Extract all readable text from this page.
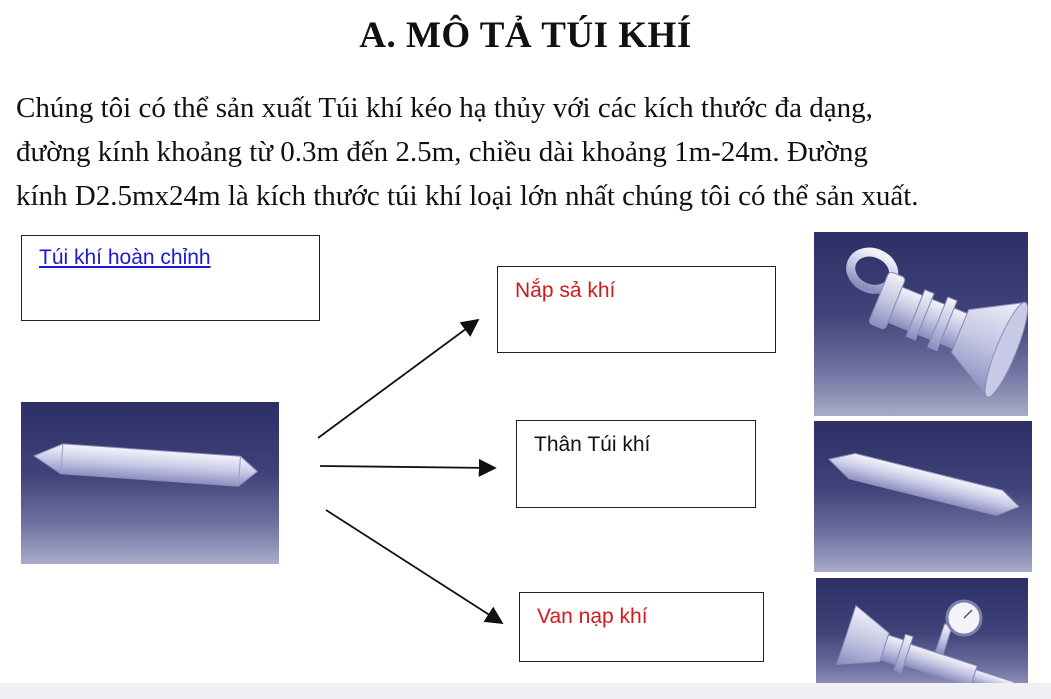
A. MÔ TẢ TÚI KHÍ
Chúng tôi có thể sản xuất Túi khí kéo hạ thủy với các kích thước đa dạng,
đường kính khoảng từ 0.3m đến 2.5m, chiều dài khoảng 1m-24m. Đường
kính D2.5mx24m là kích thước túi khí loại lớn nhất chúng tôi có thể sản xuất.
Túi khí hoàn chỉnh
Nắp sả khí
Thân Túi khí
Van nạp khí
